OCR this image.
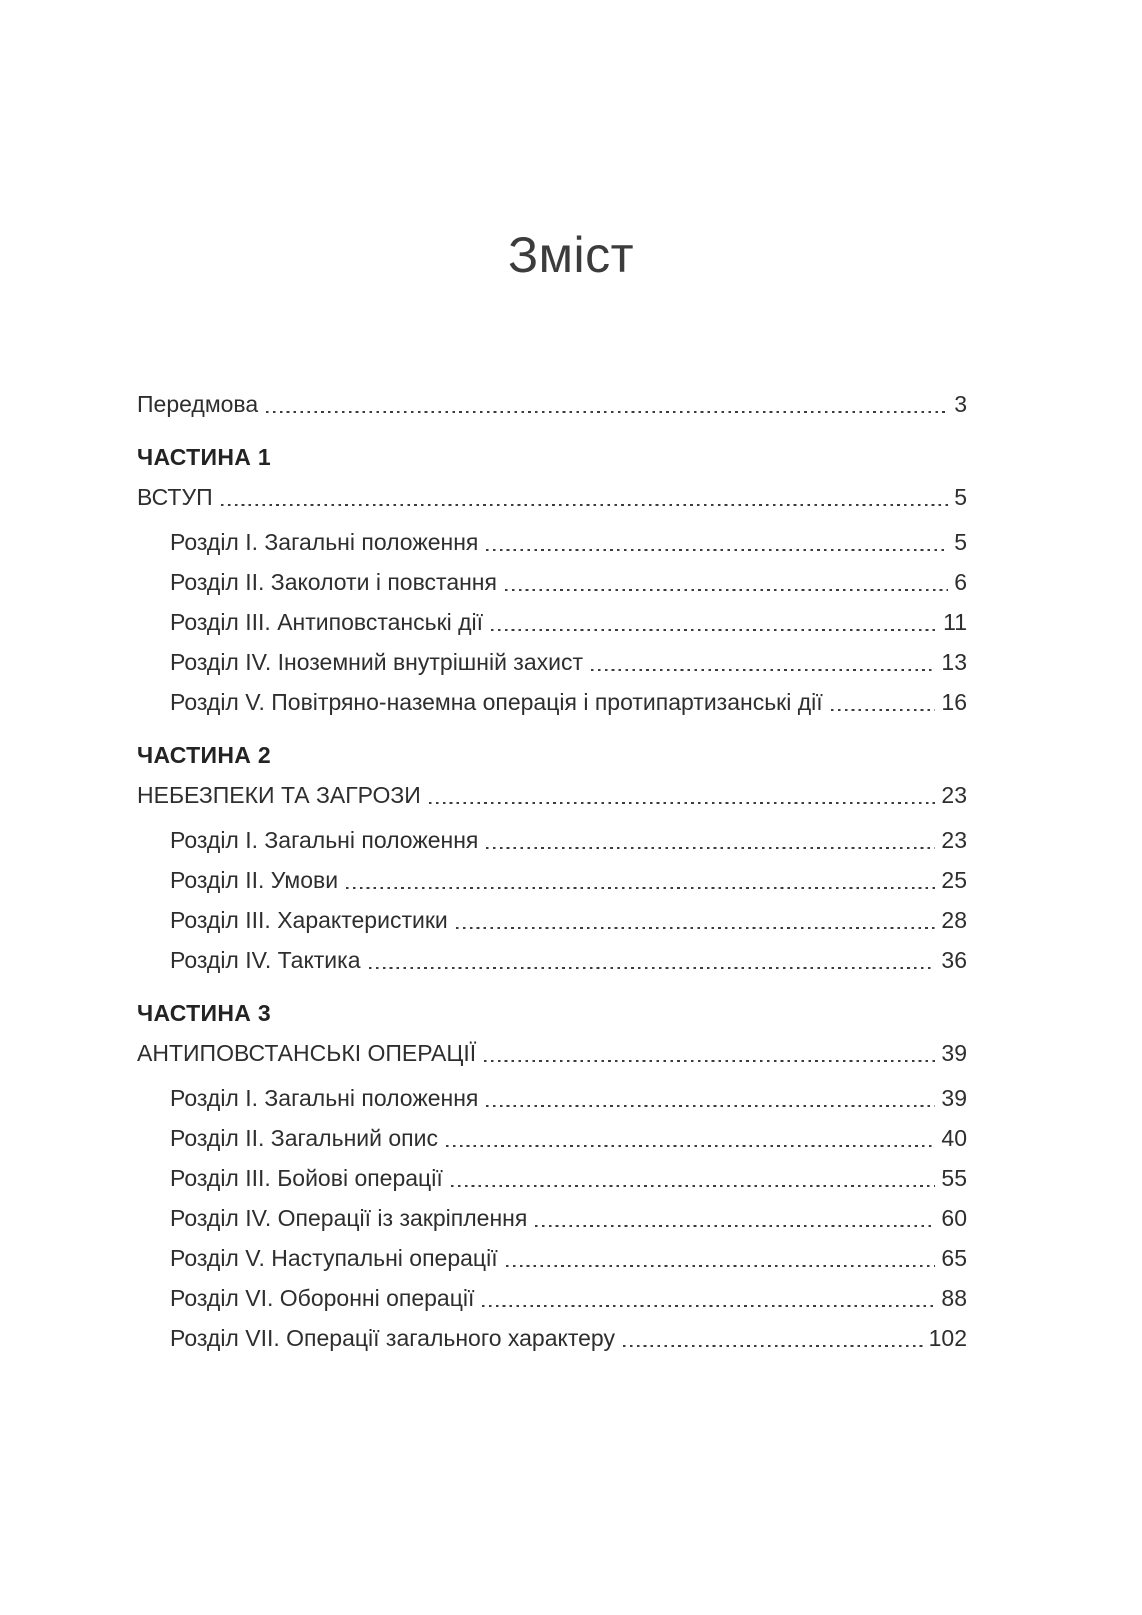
Зміст
Передмова	3
ЧАСТИНА 1
ВСТУП	5
Розділ I. Загальні положення	5
Розділ II. Заколоти і повстання	6
Розділ III. Антиповстанські дії	11
Розділ IV. Іноземний внутрішній захист	13
Розділ V. Повітряно-наземна операція і протипартизанські дії	16
ЧАСТИНА 2
НЕБЕЗПЕКИ ТА ЗАГРОЗИ	23
Розділ I. Загальні положення	23
Розділ II. Умови	25
Розділ III. Характеристики	28
Розділ IV. Тактика	36
ЧАСТИНА 3
АНТИПОВСТАНСЬКІ ОПЕРАЦІЇ	39
Розділ I. Загальні положення	39
Розділ II. Загальний опис	40
Розділ III. Бойові операції	55
Розділ IV. Операції із закріплення	60
Розділ V. Наступальні операції	65
Розділ VI. Оборонні операції	88
Розділ VII. Операції загального характеру	102
